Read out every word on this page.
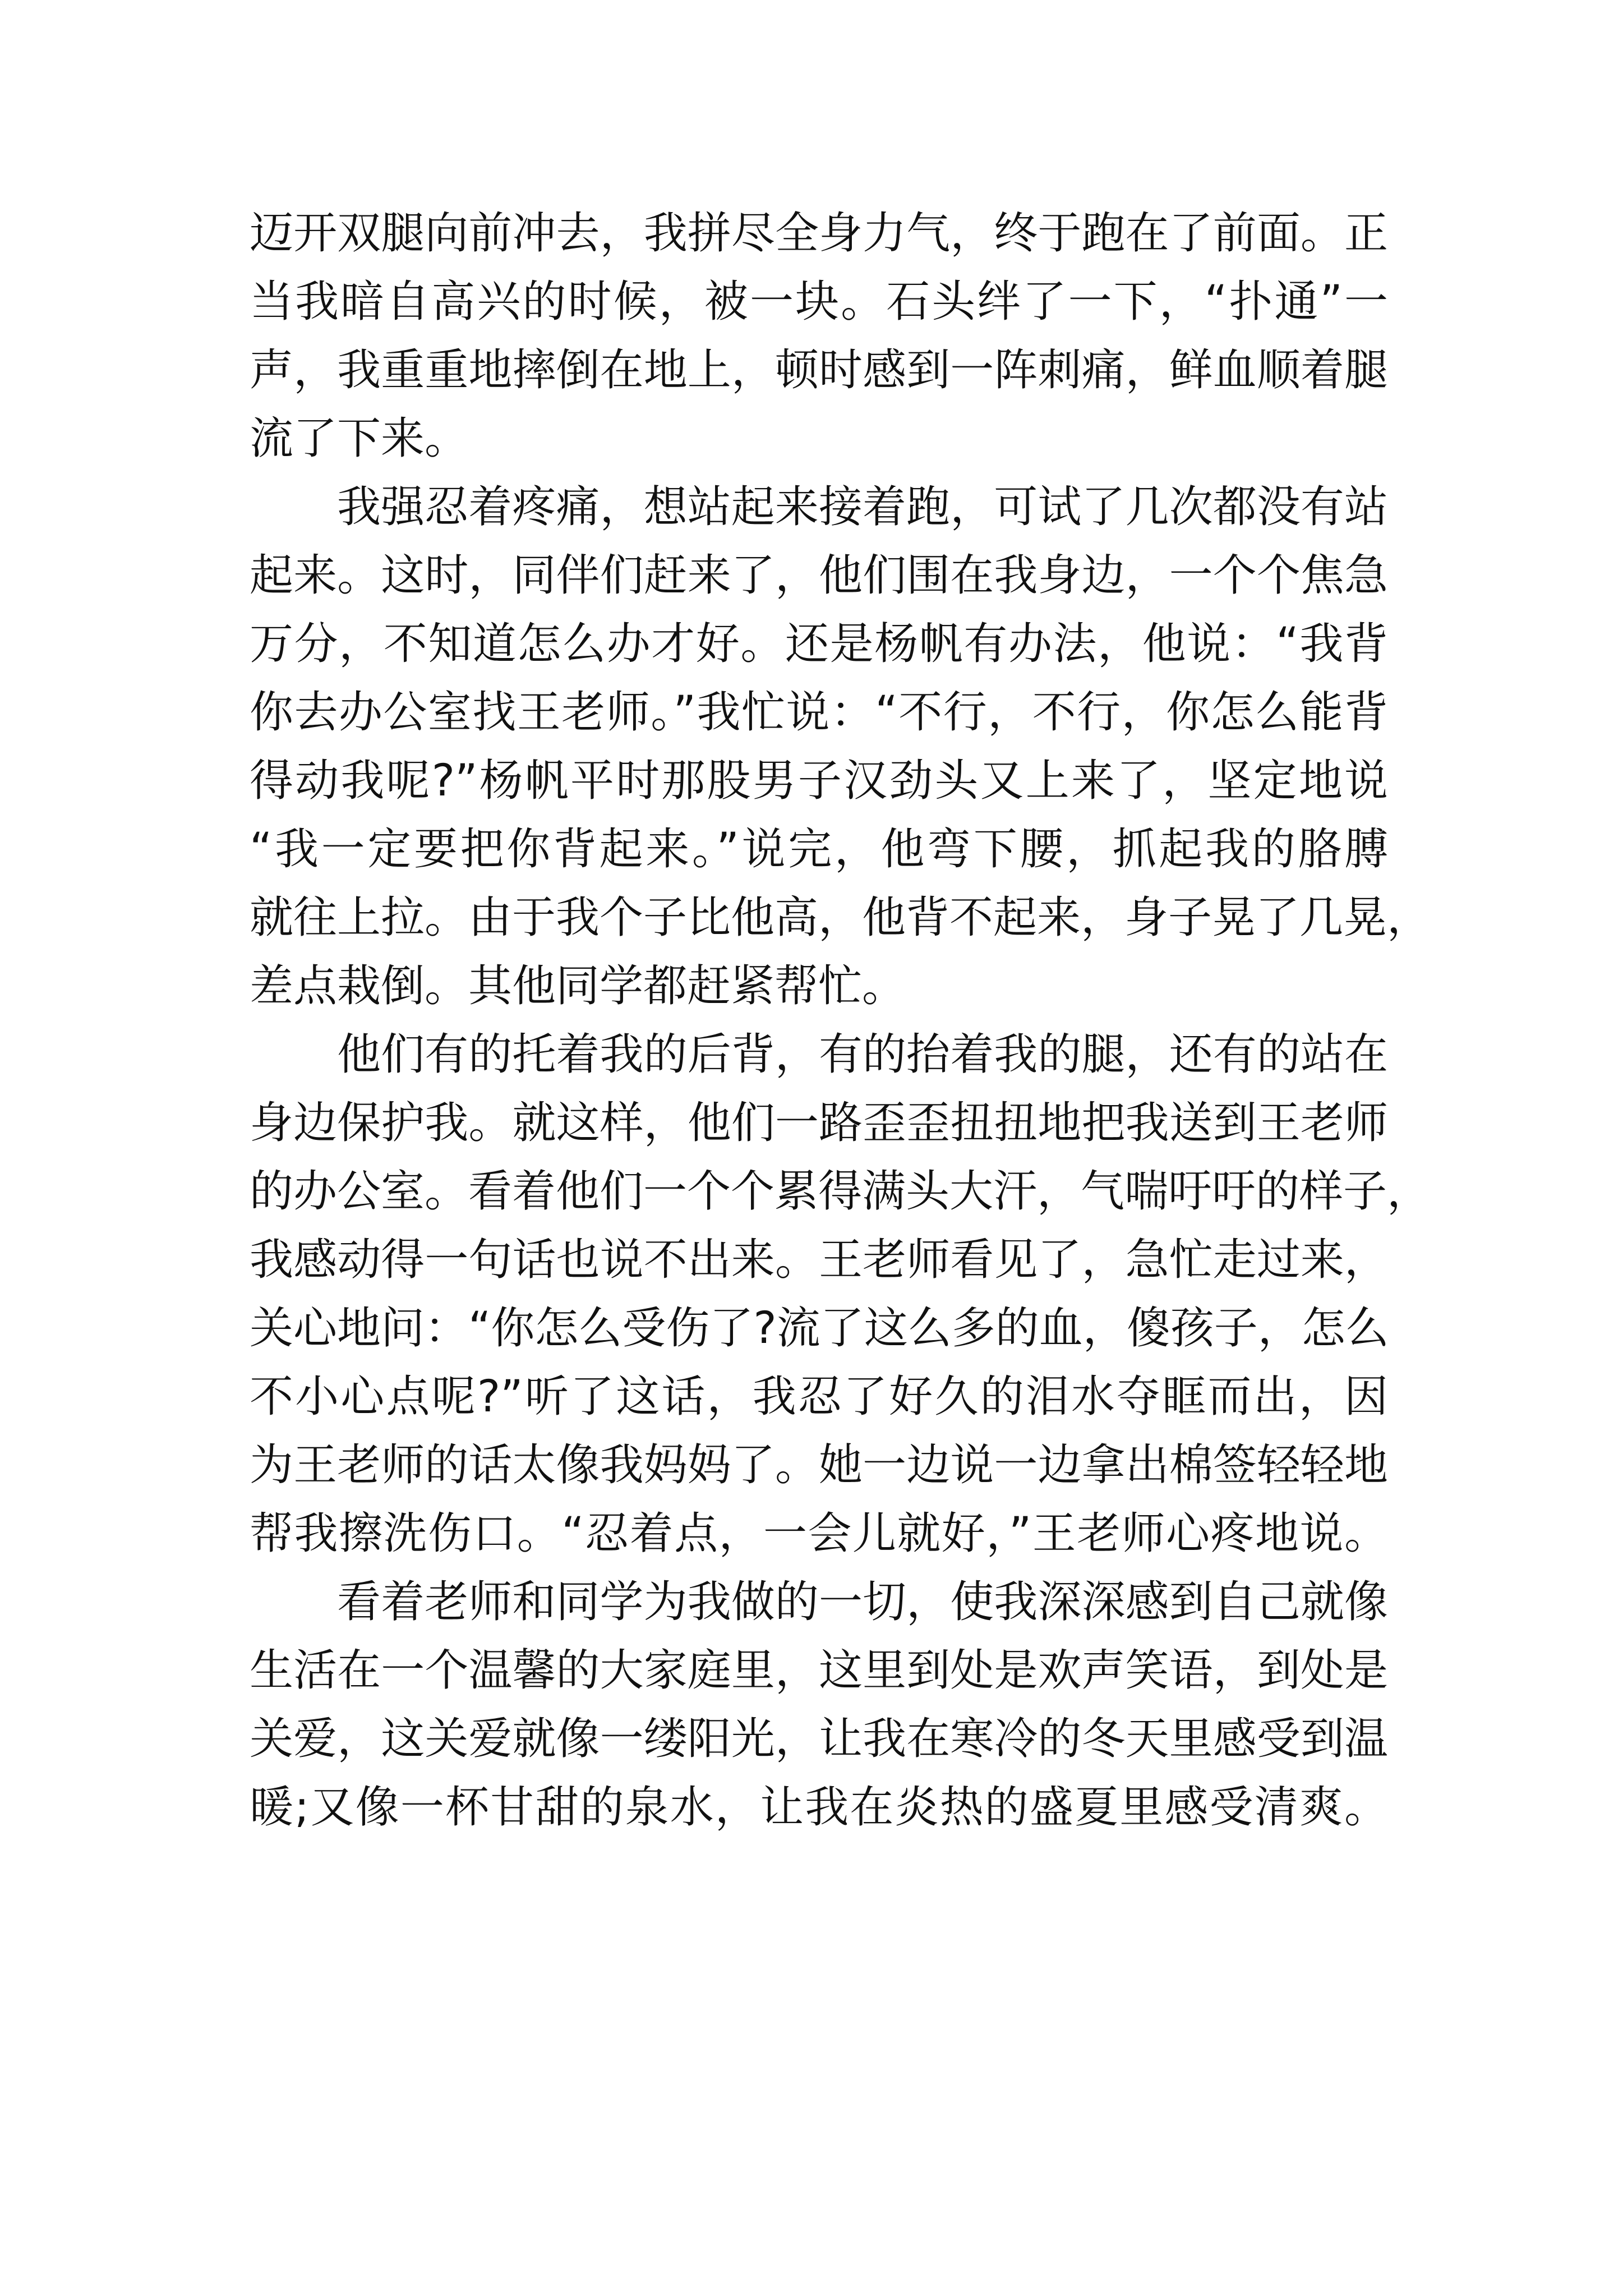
迈开双腿向前冲去，我拼尽全身力气，终于跑在了前面。正
当我暗自高兴的时候，被一块。石头绊了一下，“扑通”一
声，我重重地摔倒在地上，顿时感到一阵刺痛，鲜血顺着腿
流了下来。
我强忍着疼痛，想站起来接着跑，可试了几次都没有站
起来。这时，同伴们赶来了，他们围在我身边，一个个焦急
万分，不知道怎么办才好。还是杨帆有办法，他说：“我背
你去办公室找王老师。”我忙说：“不行，不行，你怎么能背
得动我呢?”杨帆平时那股男子汉劲头又上来了，坚定地说
“我一定要把你背起来。”说完，他弯下腰，抓起我的胳膊
就往上拉。由于我个子比他高，他背不起来，身子晃了几晃，
差点栽倒。其他同学都赶紧帮忙。
他们有的托着我的后背，有的抬着我的腿，还有的站在
身边保护我。就这样，他们一路歪歪扭扭地把我送到王老师
的办公室。看着他们一个个累得满头大汗，气喘吁吁的样子，
我感动得一句话也说不出来。王老师看见了，急忙走过来，
关心地问：“你怎么受伤了?流了这么多的血，傻孩子，怎么
不小心点呢?”听了这话，我忍了好久的泪水夺眶而出，因
为王老师的话太像我妈妈了。她一边说一边拿出棉签轻轻地
帮我擦洗伤口。“忍着点，一会儿就好，”王老师心疼地说。
看着老师和同学为我做的一切，使我深深感到自己就像
生活在一个温馨的大家庭里，这里到处是欢声笑语，到处是
关爱，这关爱就像一缕阳光，让我在寒冷的冬天里感受到温
暖;又像一杯甘甜的泉水，让我在炎热的盛夏里感受清爽。
